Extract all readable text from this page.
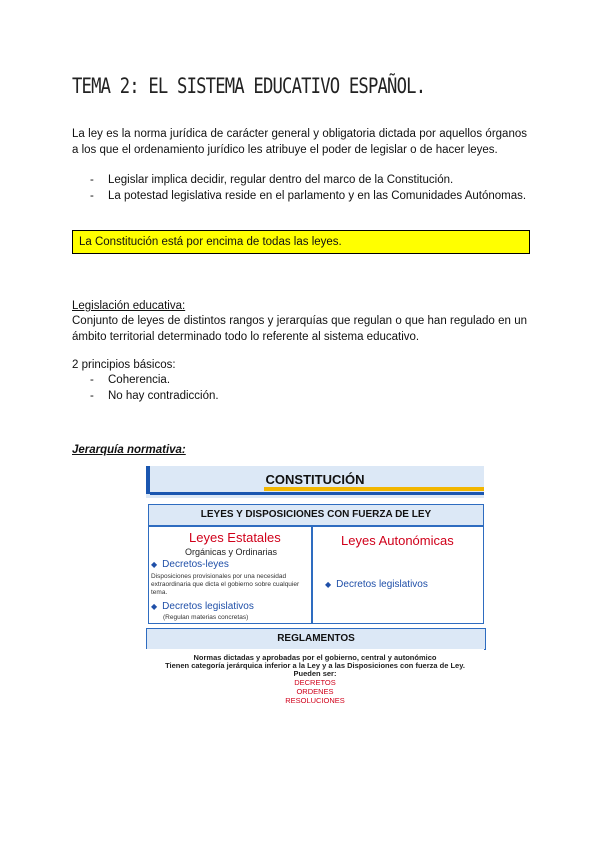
TEMA 2: EL SISTEMA EDUCATIVO ESPAÑOL.
La ley es la norma jurídica de carácter general y obligatoria dictada por aquellos órganos a los que el ordenamiento jurídico les atribuye el poder de legislar o de hacer leyes.
- Legislar implica decidir, regular dentro del marco de la Constitución.
- La potestad legislativa reside en el parlamento y en las Comunidades Autónomas.
La Constitución está por encima de todas las leyes.
Legislación educativa:
Conjunto de leyes de distintos rangos y jerarquías que regulan o que han regulado en un ámbito territorial determinado todo lo referente al sistema educativo.
2 principios básicos:
- Coherencia.
- No hay contradicción.
Jerarquía normativa:
CONSTITUCIÓN
LEYES Y DISPOSICIONES CON FUERZA DE LEY
Leyes Estatales
Orgánicas y Ordinarias
◆ Decretos-leyes
Disposiciones provisionales por una necesidad
extraordinaria que dicta el gobierno sobre cualquier
tema.
◆ Decretos legislativos
(Regulan materias concretas)
Leyes Autonómicas
◆ Decretos legislativos
REGLAMENTOS
Normas dictadas y aprobadas por el gobierno, central y autonómico
Tienen categoría jerárquica inferior a la Ley y a las Disposiciones con fuerza de Ley.
Pueden ser:
DECRETOS
ORDENES
RESOLUCIONES
